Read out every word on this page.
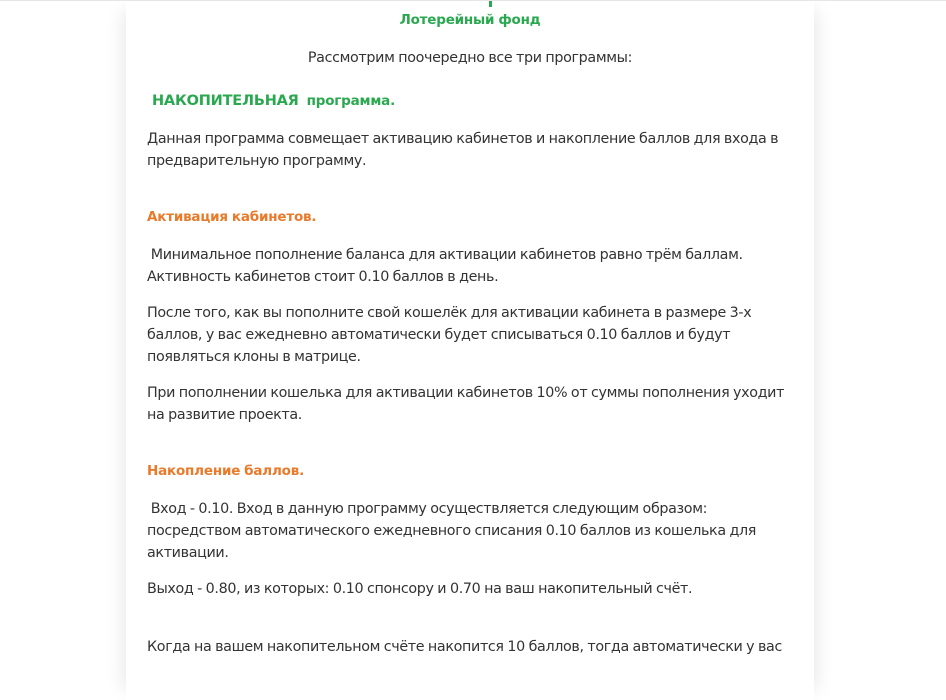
Лотерейный фонд
Рассмотрим поочередно все три программы:
НАКОПИТЕЛЬНАЯ программа.
Данная программа совмещает активацию кабинетов и накопление баллов для входа в предварительную программу.
Активация кабинетов.
Минимальное пополнение баланса для активации кабинетов равно трём баллам. Активность кабинетов стоит 0.10 баллов в день.
После того, как вы пополните свой кошелёк для активации кабинета в размере 3-х баллов, у вас ежедневно автоматически будет списываться 0.10 баллов и будут появляться клоны в матрице.
При пополнении кошелька для активации кабинетов 10% от суммы пополнения уходит на развитие проекта.
Накопление баллов.
Вход - 0.10. Вход в данную программу осуществляется следующим образом: посредством автоматического ежедневного списания 0.10 баллов из кошелька для активации.
Выход - 0.80, из которых: 0.10 спонсору и 0.70 на ваш накопительный счёт.
Когда на вашем накопительном счёте накопится 10 баллов, тогда автоматически у вас
